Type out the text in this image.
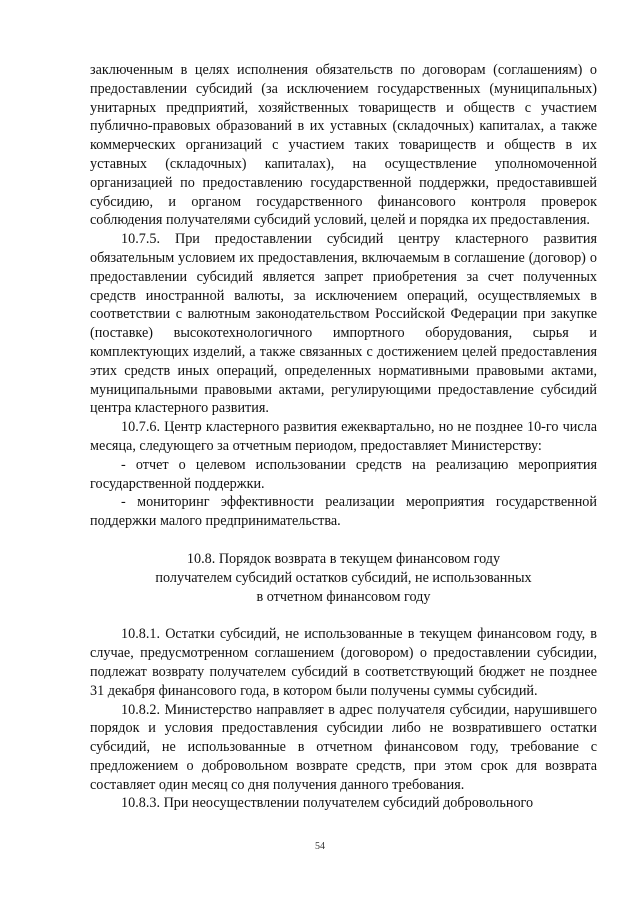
заключенным в целях исполнения обязательств по договорам (соглашениям) о предоставлении субсидий (за исключением государственных (муниципальных) унитарных предприятий, хозяйственных товариществ и обществ с участием публично-правовых образований в их уставных (складочных) капиталах, а также коммерческих организаций с участием таких товариществ и обществ в их уставных (складочных) капиталах), на осуществление уполномоченной организацией по предоставлению государственной поддержки, предоставившей субсидию, и органом государственного финансового контроля проверок соблюдения получателями субсидий условий, целей и порядка их предоставления.

10.7.5. При предоставлении субсидий центру кластерного развития обязательным условием их предоставления, включаемым в соглашение (договор) о предоставлении субсидий является запрет приобретения за счет полученных средств иностранной валюты, за исключением операций, осуществляемых в соответствии с валютным законодательством Российской Федерации при закупке (поставке) высокотехнологичного импортного оборудования, сырья и комплектующих изделий, а также связанных с достижением целей предоставления этих средств иных операций, определенных нормативными правовыми актами, муниципальными правовыми актами, регулирующими предоставление субсидий центра кластерного развития.

10.7.6. Центр кластерного развития ежеквартально, но не позднее 10-го числа месяца, следующего за отчетным периодом, предоставляет Министерству:

- отчет о целевом использовании средств на реализацию мероприятия государственной поддержки.

- мониторинг эффективности реализации мероприятия государственной поддержки малого предпринимательства.

10.8. Порядок возврата в текущем финансовом году
получателем субсидий остатков субсидий, не использованных
в отчетном финансовом году

10.8.1. Остатки субсидий, не использованные в текущем финансовом году, в случае, предусмотренном соглашением (договором) о предоставлении субсидии, подлежат возврату получателем субсидий в соответствующий бюджет не позднее 31 декабря финансового года, в котором были получены суммы субсидий.

10.8.2. Министерство направляет в адрес получателя субсидии, нарушившего порядок и условия предоставления субсидии либо не возвратившего остатки субсидий, не использованные в отчетном финансовом году, требование с предложением о добровольном возврате средств, при этом срок для возврата составляет один месяц со дня получения данного требования.

10.8.3. При неосуществлении получателем субсидий добровольного

54
